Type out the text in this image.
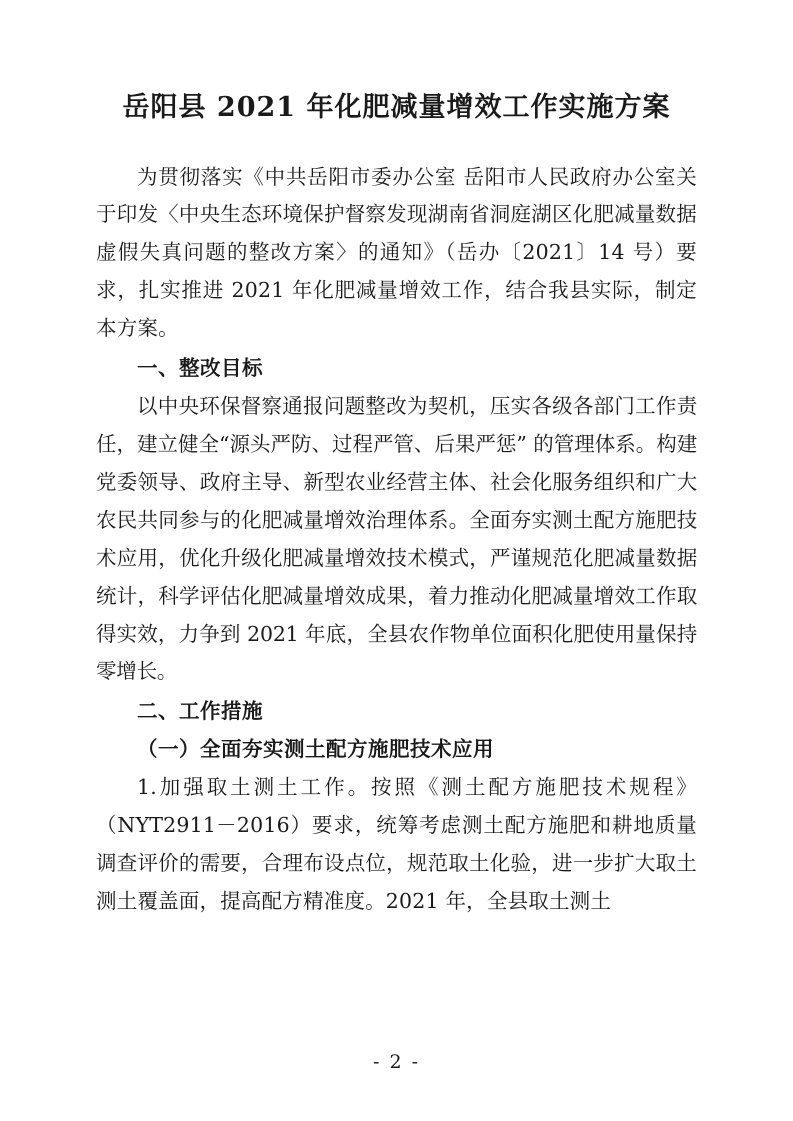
岳阳县 2021 年化肥减量增效工作实施方案

为贯彻落实《中共岳阳市委办公室 岳阳市人民政府办公室关于印发〈中央生态环境保护督察发现湖南省洞庭湖区化肥减量数据虚假失真问题的整改方案〉的通知》（岳办〔2021〕14 号）要求，扎实推进 2021 年化肥减量增效工作，结合我县实际，制定本方案。

一、整改目标

以中央环保督察通报问题整改为契机，压实各级各部门工作责任，建立健全“源头严防、过程严管、后果严惩” 的管理体系。构建党委领导、政府主导、新型农业经营主体、社会化服务组织和广大农民共同参与的化肥减量增效治理体系。全面夯实测土配方施肥技术应用，优化升级化肥减量增效技术模式，严谨规范化肥减量数据统计，科学评估化肥减量增效成果，着力推动化肥减量增效工作取得实效，力争到 2021 年底，全县农作物单位面积化肥使用量保持零增长。

二、工作措施

（一）全面夯实测土配方施肥技术应用

1.加强取土测土工作。按照《测土配方施肥技术规程》（NYT2911－2016）要求，统筹考虑测土配方施肥和耕地质量调查评价的需要，合理布设点位，规范取土化验，进一步扩大取土测土覆盖面，提高配方精准度。2021 年，全县取土测土

- 2 -
